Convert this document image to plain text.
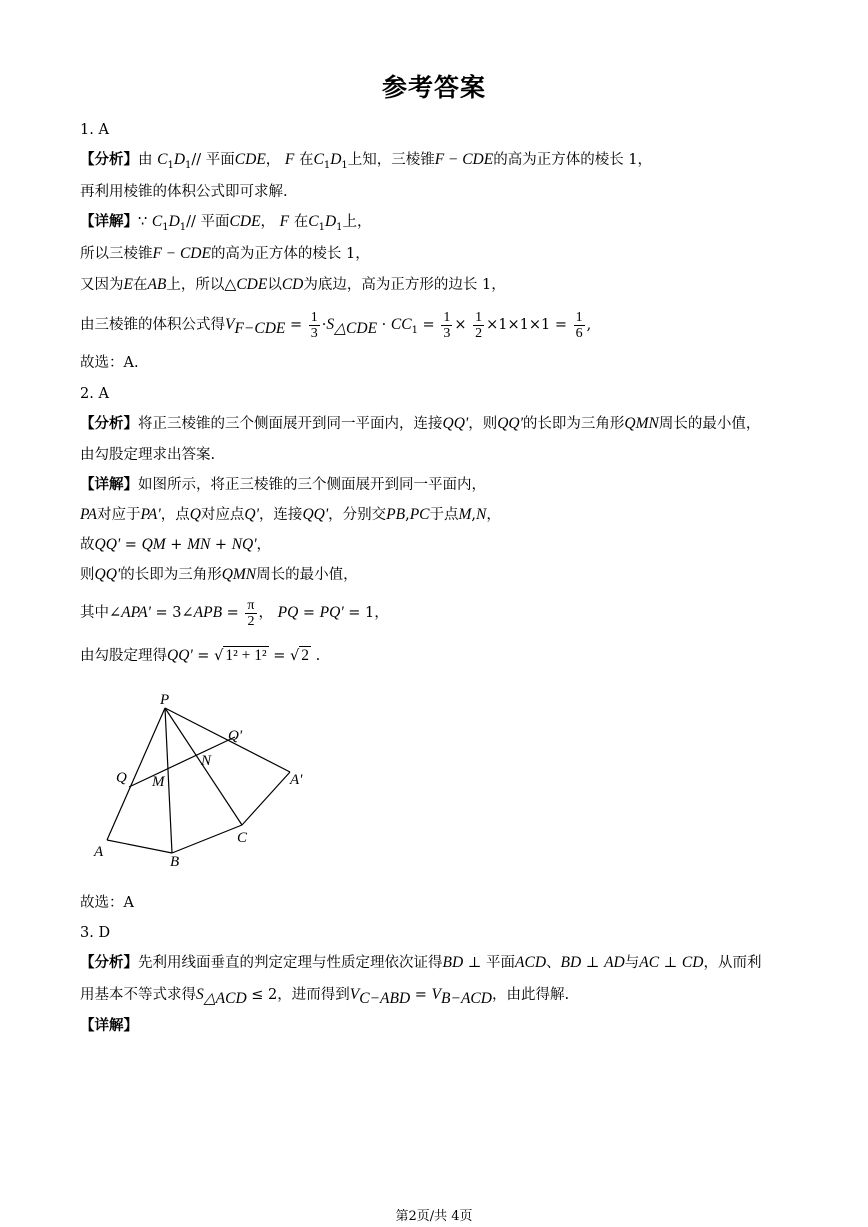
参考答案
1. A
【分析】由 $C_1D_1//$ 平面CDE， F 在$C_1D_1$上知，三棱锥F − CDE的高为正方体的棱长 1，
再利用棱锥的体积公式即可求解.
【详解】∵ $C_1D_1//$ 平面CDE， F 在$C_1D_1$上，
所以三棱锥F − CDE的高为正方体的棱长 1，
又因为E在AB上，所以△CDE以CD为底边，高为正方形的边长 1，
由三棱锥的体积公式得$V_{F-CDE} = \frac{1}{3} \cdot S_{\triangle CDE} \cdot CC_1 = \frac{1}{3} \times \frac{1}{2} \times 1\times 1\times 1 = \frac{1}{6}$ ,
故选：A.
2. A
【分析】将正三棱锥的三个侧面展开到同一平面内，连接QQ'，则QQ'的长即为三角形QMN周长的最小值，
由勾股定理求出答案.
【详解】如图所示，将正三棱锥的三个侧面展开到同一平面内，
PA对应于PA'，点Q对应点Q'，连接QQ'，分别交PB,PC于点M,N，
故QQ' = QM + MN + NQ'，
则QQ'的长即为三角形QMN周长的最小值，
其中∠APA' = 3∠APB = $\frac{\pi}{2}$ ， PQ = PQ' = 1，
由勾股定理得QQ' = √ 1² + 1² = √ 2 .
P
Q'
Q
N
M	A'
A
B
C
故选：A
3. D
【分析】先利用线面垂直的判定定理与性质定理依次证得BD ⊥ 平面ACD、BD ⊥ AD与AC ⊥ CD，从而利
用基本不等式求得$S_{\triangle ACD} \le 2$，进而得到$V_{C-ABD} = V_{B-ACD}$，由此得解.
【详解】
第2页/共 4页
